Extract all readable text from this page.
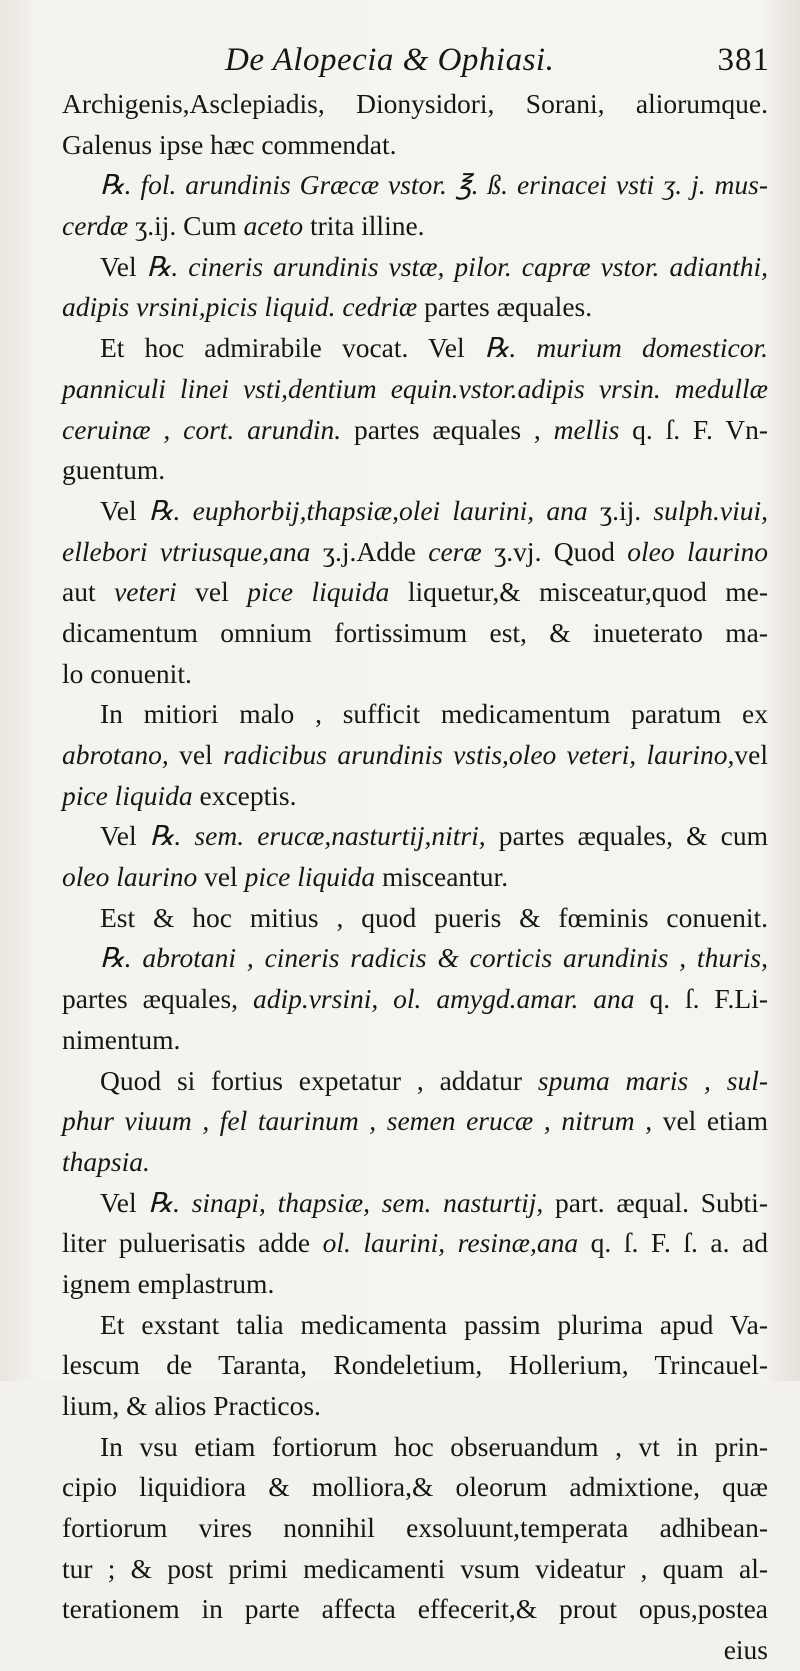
De Alopecia & Ophiasi.	381
Archigenis,Asclepiadis, Dionysidori, Sorani, aliorumque.
Galenus ipse hæc commendat.
℞. fol. arundinis Græcæ vstor. ℥. ß. erinacei vsti ʒ. j. mus-
cerdæ ʒ.ij. Cum aceto trita illine.
Vel ℞. cineris arundinis vstæ, pilor. capræ vstor. adianthi,
adipis vrsini,picis liquid. cedriæ partes æquales.
Et hoc admirabile vocat. Vel ℞. murium domesticor.
panniculi linei vsti,dentium equin.vstor.adipis vrsin. medullæ
ceruinæ , cort. arundin. partes æquales , mellis q. ſ. F. Vn-
guentum.
Vel ℞. euphorbij,thapsiæ,olei laurini, ana ʒ.ij. sulph.viui,
ellebori vtriusque,ana ʒ.j.Adde ceræ ʒ.vj. Quod oleo laurino
aut veteri vel pice liquida liquetur,& misceatur,quod me-
dicamentum omnium fortissimum est, & inueterato ma-
lo conuenit.
In mitiori malo , sufficit medicamentum paratum ex
abrotano, vel radicibus arundinis vstis,oleo veteri, laurino,vel
pice liquida exceptis.
Vel ℞. sem. erucæ,nasturtij,nitri, partes æquales, & cum
oleo laurino vel pice liquida misceantur.
Est & hoc mitius , quod pueris & fœminis conuenit.
℞. abrotani , cineris radicis & corticis arundinis , thuris,
partes æquales, adip.vrsini, ol. amygd.amar. ana q. ſ. F.Li-
nimentum.
Quod si fortius expetatur , addatur spuma maris , sul-
phur viuum , fel taurinum , semen erucæ , nitrum , vel etiam
thapsia.
Vel ℞. sinapi, thapsiæ, sem. nasturtij, part. æqual. Subti-
liter puluerisatis adde ol. laurini, resinæ,ana q. ſ. F. ſ. a. ad
ignem emplastrum.
Et exstant talia medicamenta passim plurima apud Va-
lescum de Taranta, Rondeletium, Hollerium, Trincauel-
lium, & alios Practicos.
In vsu etiam fortiorum hoc obseruandum , vt in prin-
cipio liquidiora & molliora,& oleorum admixtione, quæ
fortiorum vires nonnihil exsoluunt,temperata adhibean-
tur ; & post primi medicamenti vsum videatur , quam al-
terationem in parte affecta effecerit,& prout opus,postea
eius
